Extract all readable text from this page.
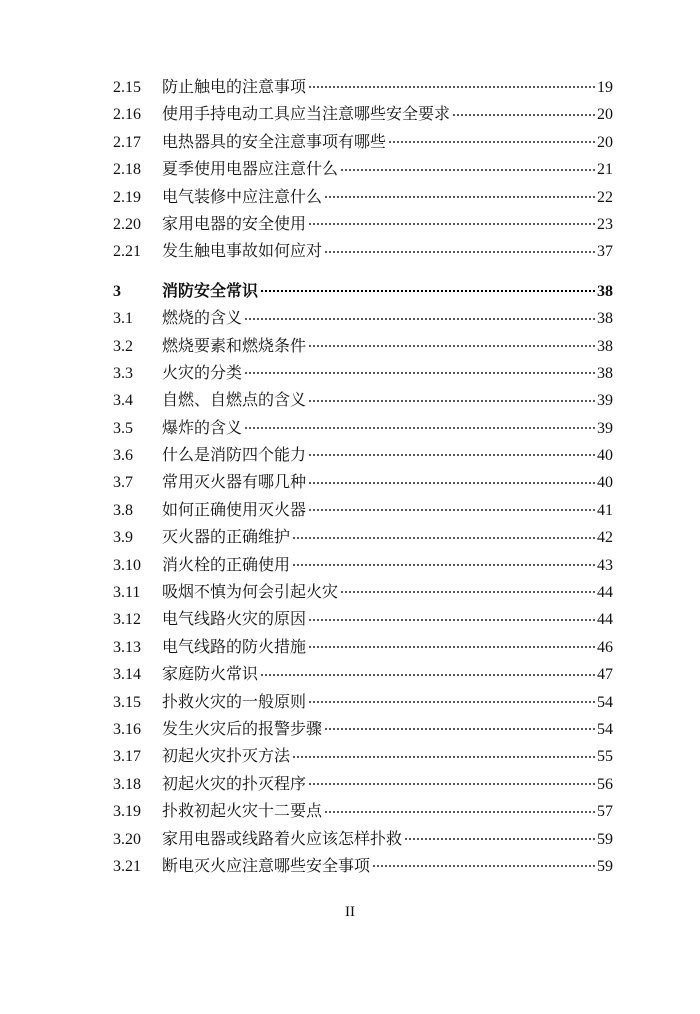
2.15	防止触电的注意事项	19
2.16	使用手持电动工具应当注意哪些安全要求	20
2.17	电热器具的安全注意事项有哪些	20
2.18	夏季使用电器应注意什么	21
2.19	电气装修中应注意什么	22
2.20	家用电器的安全使用	23
2.21	发生触电事故如何应对	37
3	消防安全常识	38
3.1	燃烧的含义	38
3.2	燃烧要素和燃烧条件	38
3.3	火灾的分类	38
3.4	自燃、自燃点的含义	39
3.5	爆炸的含义	39
3.6	什么是消防四个能力	40
3.7	常用灭火器有哪几种	40
3.8	如何正确使用灭火器	41
3.9	灭火器的正确维护	42
3.10	消火栓的正确使用	43
3.11	吸烟不慎为何会引起火灾	44
3.12	电气线路火灾的原因	44
3.13	电气线路的防火措施	46
3.14	家庭防火常识	47
3.15	扑救火灾的一般原则	54
3.16	发生火灾后的报警步骤	54
3.17	初起火灾扑灭方法	55
3.18	初起火灾的扑灭程序	56
3.19	扑救初起火灾十二要点	57
3.20	家用电器或线路着火应该怎样扑救	59
3.21	断电灭火应注意哪些安全事项	59
II
